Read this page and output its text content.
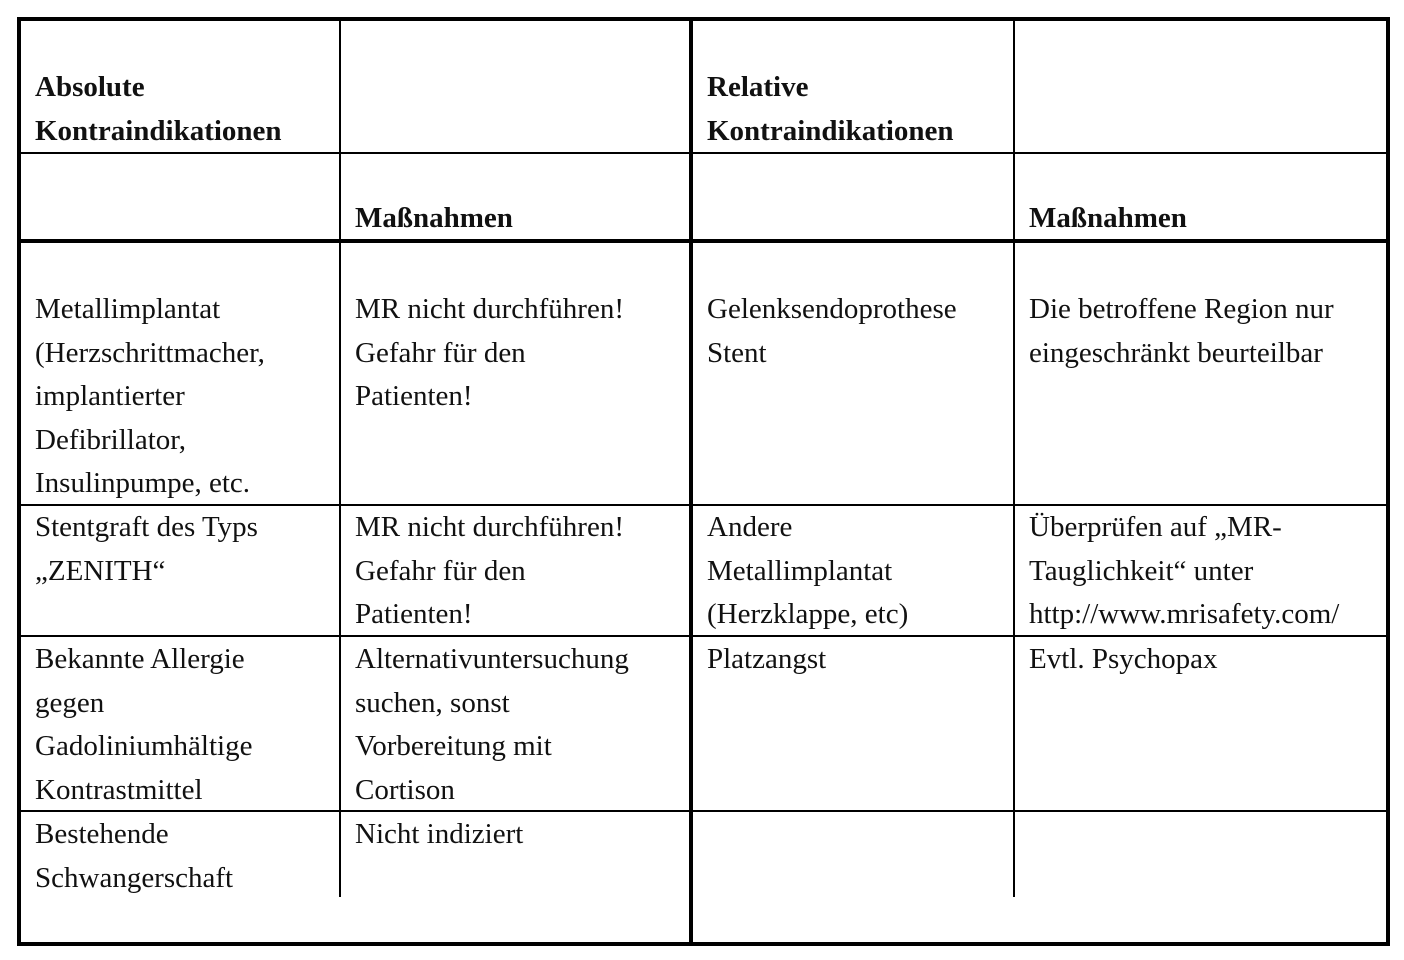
Absolute
Kontraindikationen
Relative
Kontraindikationen
Maßnahmen	Maßnahmen
Metallimplantat
(Herzschrittmacher,
implantierter
Defibrillator,
Insulinpumpe, etc.
MR nicht durchführen!
Gefahr für den
Patienten!
Gelenksendoprothese
Stent
Die betroffene Region nur
eingeschränkt beurteilbar
Stentgraft des Typs
„ZENITH“
MR nicht durchführen!
Gefahr für den
Patienten!
Andere
Metallimplantat
(Herzklappe, etc)
Überprüfen auf „MR-
Tauglichkeit“ unter
http://www.mrisafety.com/
Bekannte Allergie
gegen
Gadoliniumhältige
Kontrastmittel
Alternativuntersuchung
suchen, sonst
Vorbereitung mit
Cortison
Platzangst	Evtl. Psychopax
Bestehende
Schwangerschaft
Nicht indiziert
